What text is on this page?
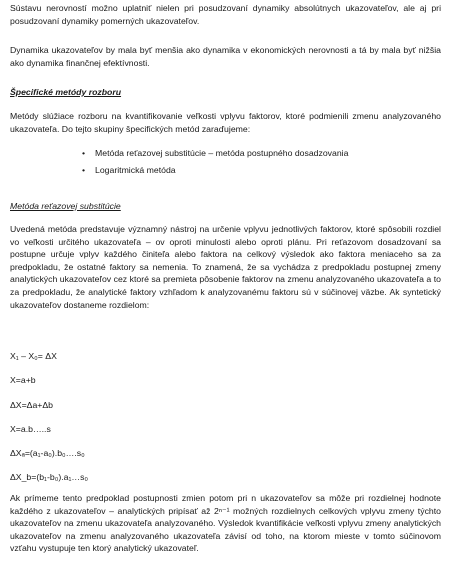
Sústavu nerovností možno uplatniť nielen pri posudzovaní dynamiky absolútnych ukazovateľov, ale aj pri posudzovaní dynamiky pomerných ukazovateľov.

Dynamika ukazovateľov by mala byť menšia ako dynamika v ekonomických nerovnosti a tá by mala byť nižšia ako dynamika finančnej efektívnosti.

Špecifické metódy rozboru

Metódy slúžiace rozboru na kvantifikovanie veľkosti vplyvu faktorov, ktoré podmienili zmenu analyzovaného ukazovateľa. Do tejto skupiny špecifických metód zaraďujeme:

• Metóda reťazovej substitúcie – metóda postupného dosadzovania
• Logaritmická metóda
Metóda reťazovej substitúcie

Uvedená metóda predstavuje významný nástroj na určenie vplyvu jednotlivých faktorov, ktoré spôsobili rozdiel vo veľkosti určitého ukazovateľa – ov oproti minulosti alebo oproti plánu. Pri reťazovom dosadzovaní sa postupne určuje vplyv každého činiteľa alebo faktora na celkový výsledok ako faktora meniaceho sa za predpokladu, že ostatné faktory sa nemenia. To znamená, že sa vychádza z predpokladu postupnej zmeny analytických ukazovateľov cez ktoré sa premieta pôsobenie faktorov na zmenu analyzovaného ukazovateľa a to za predpokladu, že analytické faktory vzhľadom k analyzovanému faktoru sú v súčinovej väzbe. Ak syntetický ukazovateľov dostaneme rozdielom:

X₁ – X₀= ΔX
X=a+b
ΔX=Δa+Δb
X=a.b…..s
ΔXₐ=(a₁-a₀).b₀….s₀
ΔX_b=(b₁-b₀).a₁…s₀

Ak prímeme tento predpoklad postupnosti zmien potom pri n ukazovateľov sa môže pri rozdielnej hodnote každého z ukazovateľov – analytických pripísať až 2ⁿ⁻¹ možných rozdielnych celkových vplyvu zmeny týchto ukazovateľov na zmenu ukazovateľa analyzovaného. Výsledok kvantifikácie veľkosti vplyvu zmeny analytických ukazovateľov na zmenu analyzovaného ukazovateľa závisí od toho, na ktorom mieste v tomto súčinovom vzťahu vystupuje ten ktorý analytický ukazovateľ.
